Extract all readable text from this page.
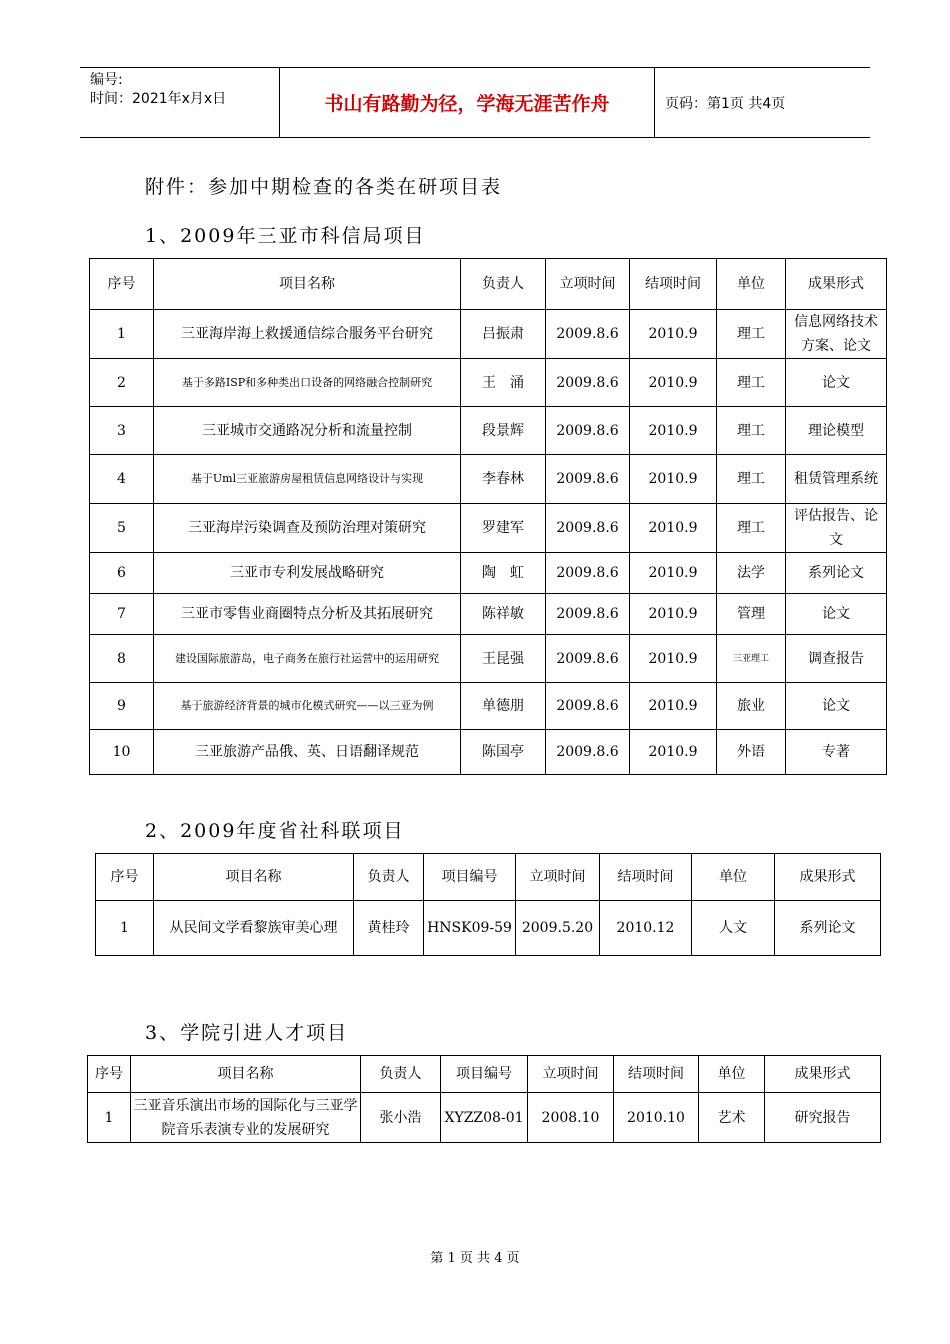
编号:
时间：2021年x月x日	书山有路勤为径，学海无涯苦作舟	页码：第1页 共4页
附件：参加中期检查的各类在研项目表
1、2009年三亚市科信局项目
序号	项目名称	负责人	立项时间	结项时间	单位	成果形式
1	三亚海岸海上救援通信综合服务平台研究	吕振肃	2009.8.6	2010.9	理工	信息网络技术方案、论文
2	基于多路ISP和多种类出口设备的网络融合控制研究	王　涌	2009.8.6	2010.9	理工	论文
3	三亚城市交通路况分析和流量控制	段景辉	2009.8.6	2010.9	理工	理论模型
4	基于Uml三亚旅游房屋租赁信息网络设计与实现	李春林	2009.8.6	2010.9	理工	租赁管理系统
5	三亚海岸污染调查及预防治理对策研究	罗建军	2009.8.6	2010.9	理工	评估报告、论文
6	三亚市专利发展战略研究	陶　虹	2009.8.6	2010.9	法学	系列论文
7	三亚市零售业商圈特点分析及其拓展研究	陈祥敏	2009.8.6	2010.9	管理	论文
8	建设国际旅游岛，电子商务在旅行社运营中的运用研究	王昆强	2009.8.6	2010.9	三亚理工	调查报告
9	基于旅游经济背景的城市化模式研究——以三亚为例	单德朋	2009.8.6	2010.9	旅业	论文
10	三亚旅游产品俄、英、日语翻译规范	陈国亭	2009.8.6	2010.9	外语	专著
2、2009年度省社科联项目
序号	项目名称	负责人	项目编号	立项时间	结项时间	单位	成果形式
1	从民间文学看黎族审美心理	黄桂玲	HNSK09-59	2009.5.20	2010.12	人文	系列论文
3、学院引进人才项目
序号	项目名称	负责人	项目编号	立项时间	结项时间	单位	成果形式
1	三亚音乐演出市场的国际化与三亚学院音乐表演专业的发展研究	张小浩	XYZZ08-01	2008.10	2010.10	艺术	研究报告
第 1 页 共 4 页
